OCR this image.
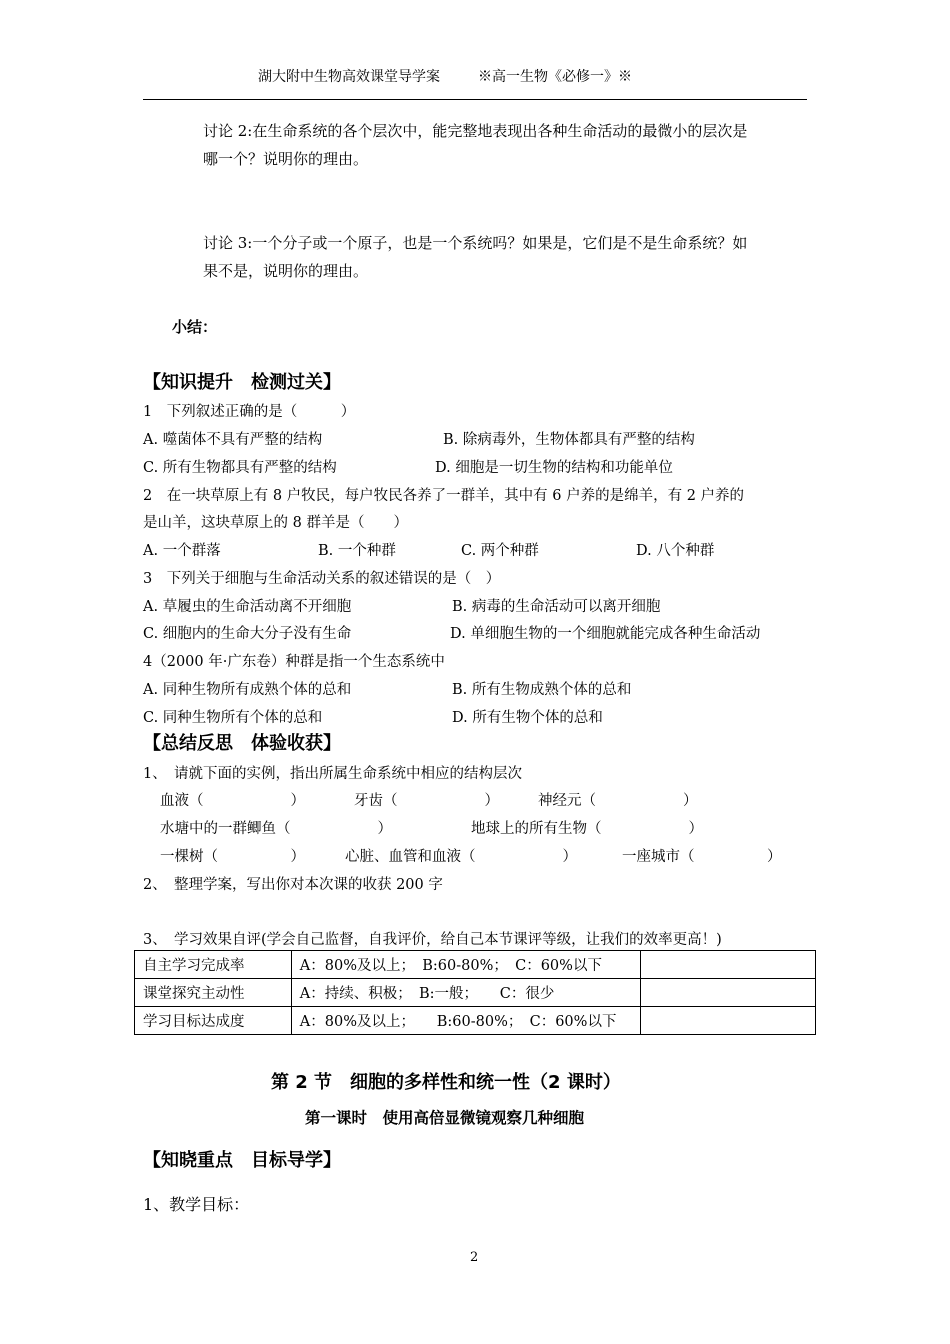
湖大附中生物高效课堂导学案	※高一生物《必修一》※
讨论 2:在生命系统的各个层次中，能完整地表现出各种生命活动的最微小的层次是
哪一个？说明你的理由。
讨论 3:一个分子或一个原子，也是一个系统吗？如果是，它们是不是生命系统？如
果不是，说明你的理由。
小结：
【知识提升　检测过关】
1　下列叙述正确的是（　　　）
A. 噬菌体不具有严整的结构	B. 除病毒外，生物体都具有严整的结构
C. 所有生物都具有严整的结构	D. 细胞是一切生物的结构和功能单位
2　在一块草原上有 8 户牧民，每户牧民各养了一群羊，其中有 6 户养的是绵羊，有 2 户养的
是山羊，这块草原上的 8 群羊是（　　）
A. 一个群落	B. 一个种群	C. 两个种群	D. 八个种群
3　下列关于细胞与生命活动关系的叙述错误的是（　）
A. 草履虫的生命活动离不开细胞	B. 病毒的生命活动可以离开细胞
C. 细胞内的生命大分子没有生命	D. 单细胞生物的一个细胞就能完成各种生命活动
4（2000 年·广东卷）种群是指一个生态系统中
A. 同种生物所有成熟个体的总和	B. 所有生物成熟个体的总和
C. 同种生物所有个体的总和	D. 所有生物个体的总和
【总结反思　体验收获】
1、　请就下面的实例，指出所属生命系统中相应的结构层次
血液（　　　　　　）	牙齿（　　　　　　）	神经元（　　　　　　）
水塘中的一群鲫鱼（　　　　　　）	地球上的所有生物（　　　　　　）
一棵树（　　　　　）	心脏、血管和血液（　　　　　　）	一座城市（　　　　　）
2、　整理学案，写出你对本次课的收获 200 字
3、　学习效果自评(学会自己监督，自我评价，给自己本节课评等级，让我们的效率更高！)
自主学习完成率	A：80%及以上；　B:60-80%；　C：60%以下	
课堂探究主动性	A：持续、积极；　B:一般；　　C：很少	
学习目标达成度	A：80%及以上；　　B:60-80%；　C：60%以下	
第 2 节　细胞的多样性和统一性（2 课时）
第一课时　使用高倍显微镜观察几种细胞
【知晓重点　目标导学】
1、教学目标：
2
